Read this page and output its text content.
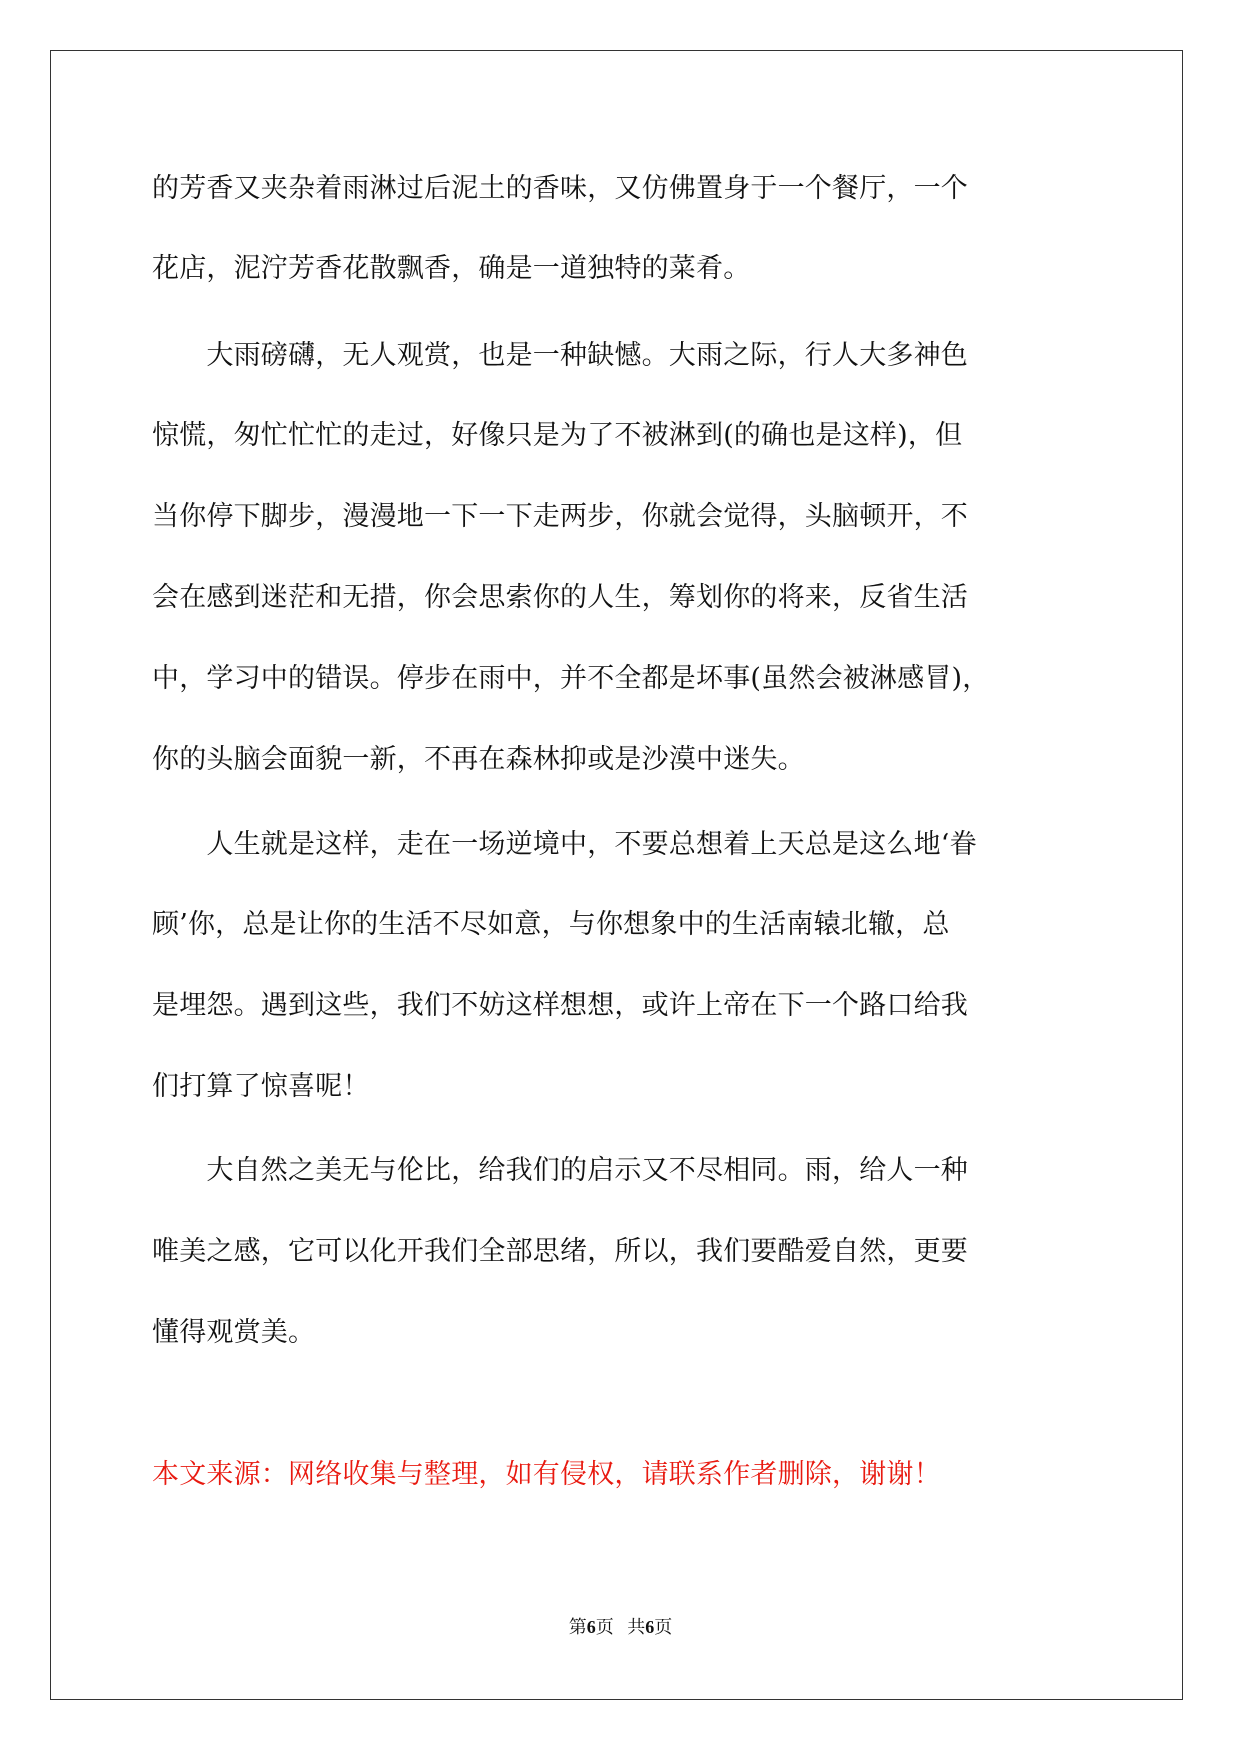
的芳香又夹杂着雨淋过后泥土的香味，又仿佛置身于一个餐厅，一个
花店，泥泞芳香花散飘香，确是一道独特的菜肴。
　　大雨磅礴，无人观赏，也是一种缺憾。大雨之际，行人大多神色
惊慌，匆忙忙忙的走过，好像只是为了不被淋到(的确也是这样)，但
当你停下脚步，漫漫地一下一下走两步，你就会觉得，头脑顿开，不
会在感到迷茫和无措，你会思索你的人生，筹划你的将来，反省生活
中，学习中的错误。停步在雨中，并不全都是坏事(虽然会被淋感冒)，
你的头脑会面貌一新，不再在森林抑或是沙漠中迷失。
　　人生就是这样，走在一场逆境中，不要总想着上天总是这么地‘眷
顾’你，总是让你的生活不尽如意，与你想象中的生活南辕北辙，总
是埋怨。遇到这些，我们不妨这样想想，或许上帝在下一个路口给我
们打算了惊喜呢！
　　大自然之美无与伦比，给我们的启示又不尽相同。雨，给人一种
唯美之感，它可以化开我们全部思绪，所以，我们要酷爱自然，更要
懂得观赏美。
本文来源：网络收集与整理，如有侵权，请联系作者删除，谢谢！
第6页 共6页
